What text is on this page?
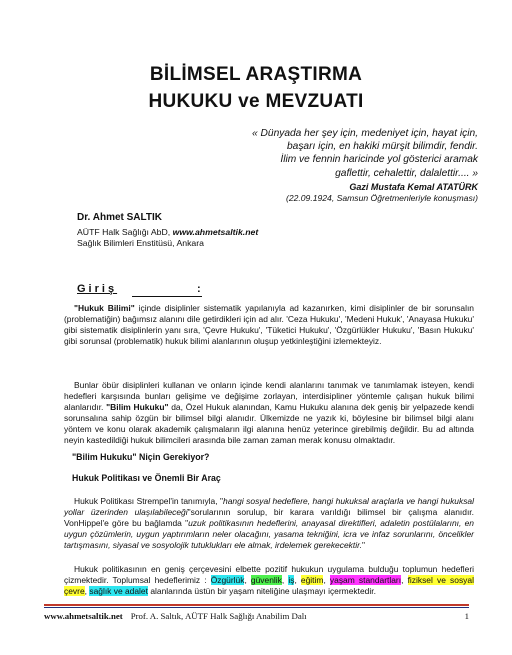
BİLİMSEL ARAŞTIRMA
HUKUKU ve MEVZUATI
« Dünyada her şey için, medeniyet için, hayat için,
başarı için, en hakiki mürşit bilimdir, fendir.
İlim ve fennin haricinde yol gösterici aramak
gaflettir, cehalettir, dalalettir.... »
Gazi Mustafa Kemal ATATÜRK
(22.09.1924, Samsun Öğretmenleriyle konuşması)
Dr. Ahmet SALTIK
AÜTF Halk Sağlığı AbD, www.ahmetsaltik.net
Sağlık Bilimleri Enstitüsü, Ankara
Giriş	:
"Hukuk Bilimi" içinde disiplinler sistematik yapılanıyla ad kazanırken, kimi disiplinler de bir sorunsalın (problematiğin) bağımsız alanını dile getirdikleri için ad alır. 'Ceza Hukuku', 'Medeni Hukuk', 'Anayasa Hukuku' gibi sistematik disiplinlerin yanı sıra, 'Çevre Hukuku', 'Tüketici Hukuku', 'Özgürlükler Hukuku', 'Basın Hukuku' gibi sorunsal (problematik) hukuk bilimi alanlarının oluşup yetkinleştiğini izlemekteyiz.
Bunlar öbür disiplinleri kullanan ve onların içinde kendi alanlarını tanımak ve tanımlamak isteyen, kendi hedefleri karşısında bunları gelişime ve değişime zorlayan, interdisipliner yöntemle çalışan hukuk bilimi alanlarıdır. "Bilim Hukuku" da, Özel Hukuk alanından, Kamu Hukuku alanına dek geniş bir yelpazede kendi sorunsalına sahip özgün bir bilimsel bilgi alanıdır. Ülkemizde ne yazık ki, böylesine bir bilimsel bilgi alanı yöntem ve konu olarak akademik çalışmaların ilgi alanına henüz yeterince girebilmiş değildir. Bu ad altında neyin kastedildiği hukuk bilimcileri arasında bile zaman zaman merak konusu olmaktadır.
"Bilim Hukuku" Niçin Gerekiyor?
Hukuk Politikası ve Önemli Bir Araç
Hukuk Politikası Strempel'in tanımıyla, "hangi sosyal hedeflere, hangi hukuksal araçlarla ve hangi hukuksal yollar üzerinden ulaşılabileceği"sorularının sorulup, bir karara varıldığı bilimsel bir çalışma alanıdır. VonHippel'e göre bu bağlamda "uzuk politikasının hedeflerini, anayasal direktifleri, adaletin postülalarını, en uygun çözümlerin, uygun yaptırımların neler olacağını, yasama tekniğini, icra ve infaz sorunlarını, öncelikler tartışmasını, siyasal ve sosyolojik tutuklukları ele almak, irdelemek gerekecektir."
Hukuk politikasının en geniş çerçevesini elbette pozitif hukukun uygulama bulduğu toplumun hedefleri çizmektedir. Toplumsal hedeflerimiz : Özgürlük, güvenlik, iş, eğitim, yaşam standartları, fiziksel ve sosyal çevre, sağlık ve adalet alanlarında üstün bir yaşam niteliğine ulaşmayı içermektedir.
www.ahmetsaltik.net Prof. A. Saltık, AÜTF Halk Sağlığı Anabilim Dalı	1
